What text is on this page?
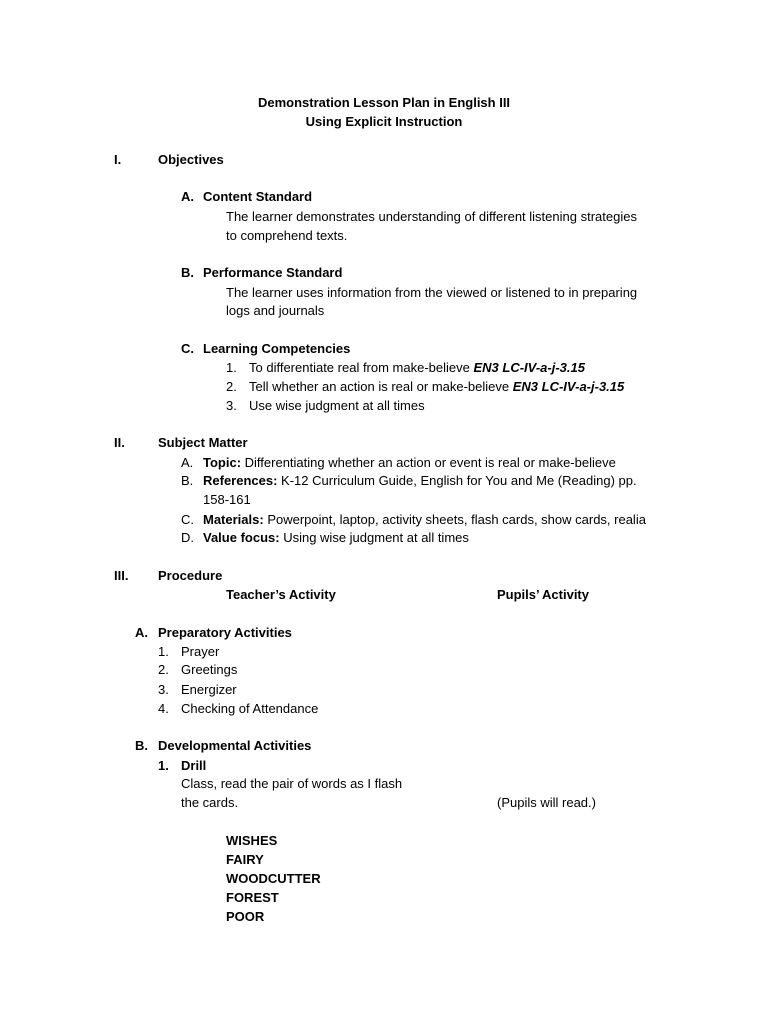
Demonstration Lesson Plan in English III
Using Explicit Instruction
I.	Objectives
A. Content Standard
The learner demonstrates understanding of different listening strategies
to comprehend texts.
B. Performance Standard
The learner uses information from the viewed or listened to in preparing
logs and journals
C. Learning Competencies
1. To differentiate real from make-believe EN3 LC-IV-a-j-3.15
2. Tell whether an action is real or make-believe EN3 LC-IV-a-j-3.15
3. Use wise judgment at all times
II.	Subject Matter
A. Topic: Differentiating whether an action or event is real or make-believe
B. References: K-12 Curriculum Guide, English for You and Me (Reading) pp.
158-161
C. Materials: Powerpoint, laptop, activity sheets, flash cards, show cards, realia
D. Value focus: Using wise judgment at all times
III. Procedure
Teacher’s Activity	Pupils’ Activity
A. Preparatory Activities
1. Prayer
2. Greetings
3. Energizer
4. Checking of Attendance
B. Developmental Activities
1. Drill
Class, read the pair of words as I flash
the cards.	(Pupils will read.)
WISHES
FAIRY
WOODCUTTER
FOREST
POOR
